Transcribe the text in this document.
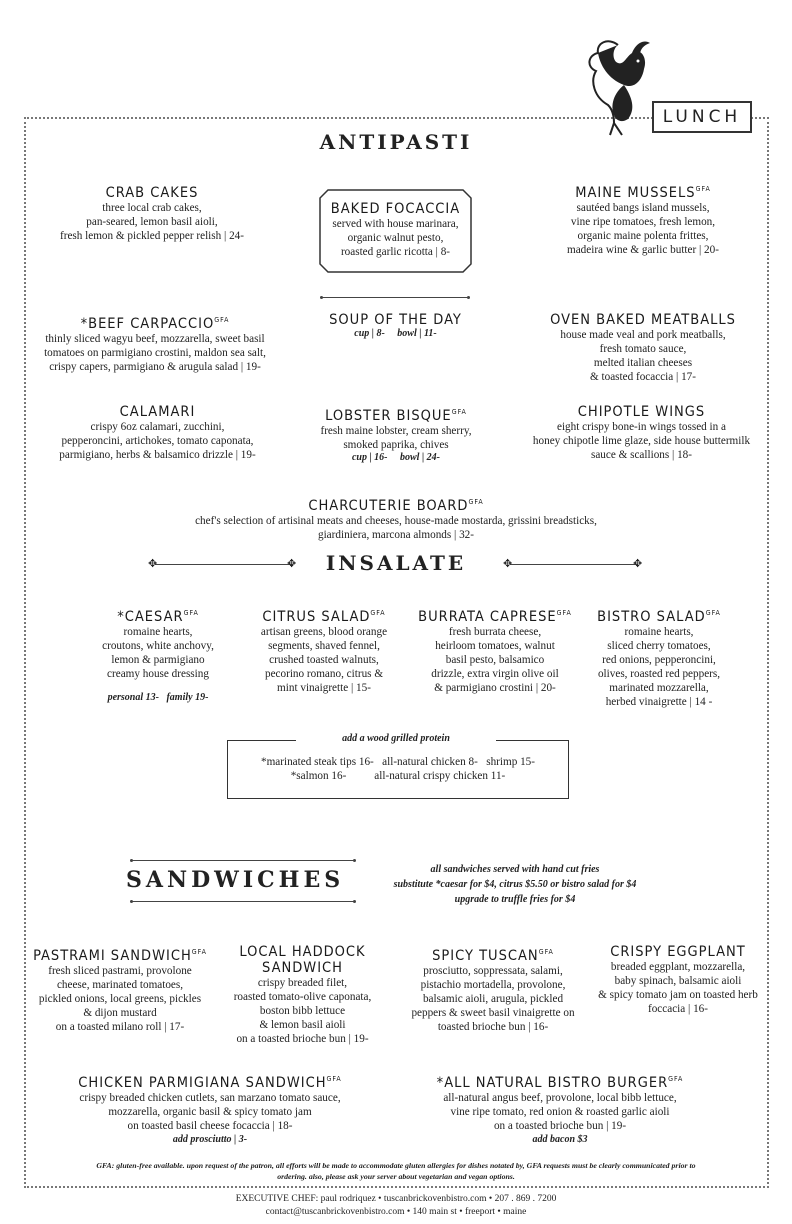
LUNCH
ANTIPASTI
CRAB CAKES
three local crab cakes,
pan-seared, lemon basil aioli,
fresh lemon & pickled pepper relish | 24-
BAKED FOCACCIA
served with house marinara,
organic walnut pesto,
roasted garlic ricotta | 8-
MAINE $MUSSELS^{GFA}$
sautéed bangs island mussels,
vine ripe tomatoes, fresh lemon,
organic maine polenta frittes,
madeira wine & garlic butter | 20-
*BEEF $CARPACCIO^{GFA}$
thinly sliced wagyu beef, mozzarella, sweet basil
tomatoes on parmigiano crostini, maldon sea salt,
crispy capers, parmigiano & arugula salad | 19-
SOUP OF THE DAY
cup | 8-     bowl | 11-
OVEN BAKED MEATBALLS
house made veal and pork meatballs,
fresh tomato sauce,
melted italian cheeses
& toasted focaccia | 17-
CALAMARI
crispy 6oz calamari, zucchini,
pepperoncini, artichokes, tomato caponata,
parmigiano, herbs & balsamico drizzle | 19-
LOBSTER $BISQUE^{GFA}$
fresh maine lobster, cream sherry,
smoked paprika, chives
cup | 16-     bowl | 24-
CHIPOTLE WINGS
eight crispy bone-in wings tossed in a
honey chipotle lime glaze, side house buttermilk
sauce & scallions | 18-
CHARCUTERIE $BOARD^{GFA}$
chef's selection of artisinal meats and cheeses, house-made mostarda, grissini breadsticks,
giardiniera, marcona almonds | 32-
✥	✥	INSALATE	✥	✥
$*CAESAR^{GFA}$
romaine hearts,
croutons, white anchovy,
lemon & parmigiano
creamy house dressing
personal 13-   family 19-
CITRUS $SALAD^{GFA}$
artisan greens, blood orange
segments, shaved fennel,
crushed toasted walnuts,
pecorino romano, citrus &
mint vinaigrette | 15-
BURRATA $CAPRESE^{GFA}$
fresh burrata cheese,
heirloom tomatoes, walnut
basil pesto, balsamico
drizzle, extra virgin olive oil
& parmigiano crostini | 20-
BISTRO $SALAD^{GFA}$
romaine hearts,
sliced cherry tomatoes,
red onions, pepperoncini,
olives, roasted red peppers,
marinated mozzarella,
herbed vinaigrette | 14 -
add a wood grilled protein
*marinated steak tips 16-   all-natural chicken 8-   shrimp 15-
*salmon 16-          all-natural crispy chicken 11-
SANDWICHES	all sandwiches served with hand cut fries
substitute *caesar for $4, citrus $5.50 or bistro salad for $4
upgrade to truffle fries for $4
PASTRAMI $SANDWICH^{GFA}$
fresh sliced pastrami, provolone
cheese, marinated tomatoes,
pickled onions, local greens, pickles
& dijon mustard
on a toasted milano roll | 17-
LOCAL HADDOCK SANDWICH
crispy breaded filet,
roasted tomato-olive caponata,
boston bibb lettuce
& lemon basil aioli
on a toasted brioche bun | 19-
SPICY $TUSCAN^{GFA}$
prosciutto, soppressata, salami,
pistachio mortadella, provolone,
balsamic aioli, arugula, pickled
peppers & sweet basil vinaigrette on
toasted brioche bun | 16-
CRISPY EGGPLANT
breaded eggplant, mozzarella,
baby spinach, balsamic aioli
& spicy tomato jam on toasted herb
foccacia | 16-
CHICKEN PARMIGIANA $SANDWICH^{GFA}$
crispy breaded chicken cutlets, san marzano tomato sauce,
mozzarella, organic basil & spicy tomato jam
on toasted basil cheese focaccia | 18-
add prosciutto | 3-
*ALL NATURAL BISTRO $BURGER^{GFA}$
all-natural angus beef, provolone, local bibb lettuce,
vine ripe tomato, red onion & roasted garlic aioli
on a toasted brioche bun | 19-
add bacon $3
GFA: gluten-free available. upon request of the patron, all efforts will be made to accommodate gluten allergies for dishes notated by, GFA requests must be clearly communicated prior to
ordering. also, please ask your server about vegetarian and vegan options.
EXECUTIVE CHEF: paul rodriquez • tuscanbrickovenbistro.com • 207 . 869 . 7200
contact@tuscanbrickovenbistro.com • 140 main st • freeport • maine
